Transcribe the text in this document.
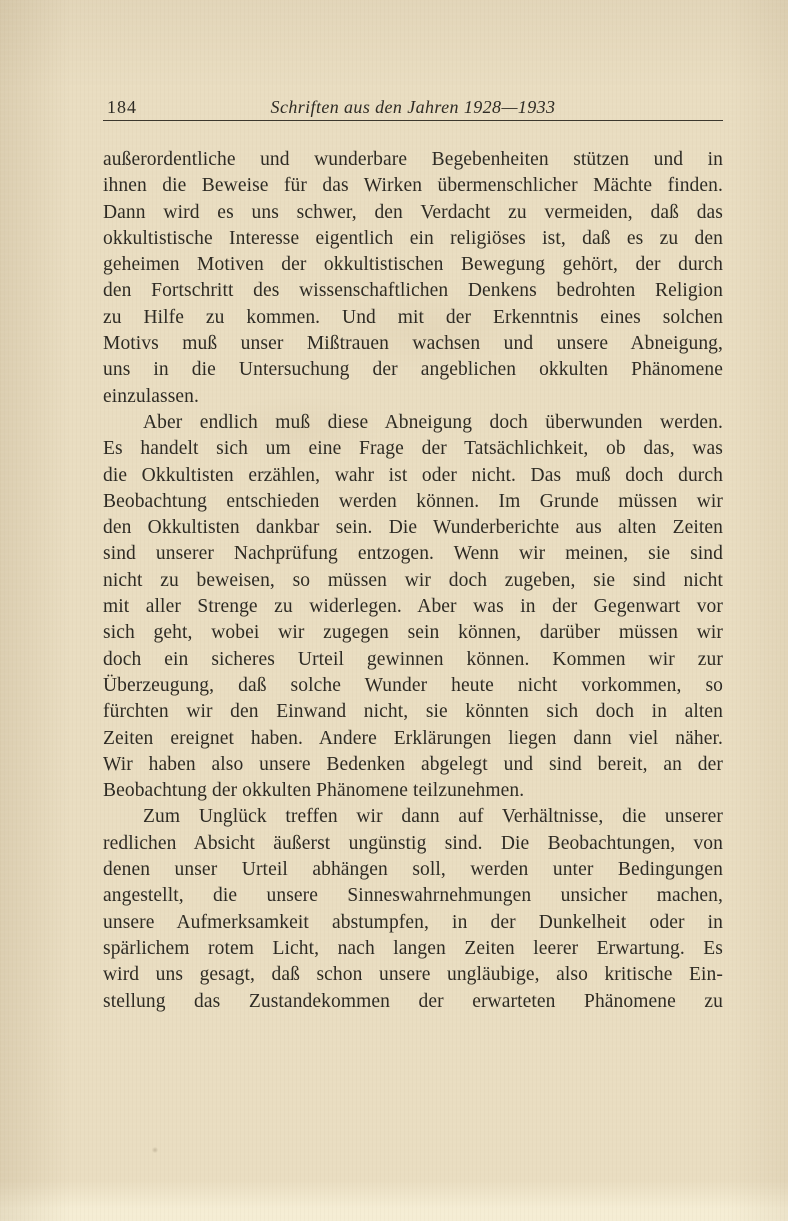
184	Schriften aus den Jahren 1928—1933
außerordentliche und wunderbare Begebenheiten stützen und in
ihnen die Beweise für das Wirken übermenschlicher Mächte finden.
Dann wird es uns schwer, den Verdacht zu vermeiden, daß das
okkultistische Interesse eigentlich ein religiöses ist, daß es zu den
geheimen Motiven der okkultistischen Bewegung gehört, der durch
den Fortschritt des wissenschaftlichen Denkens bedrohten Religion
zu Hilfe zu kommen. Und mit der Erkenntnis eines solchen
Motivs muß unser Mißtrauen wachsen und unsere Abneigung,
uns in die Untersuchung der angeblichen okkulten Phänomene
einzulassen.
Aber endlich muß diese Abneigung doch überwunden werden.
Es handelt sich um eine Frage der Tatsächlichkeit, ob das, was
die Okkultisten erzählen, wahr ist oder nicht. Das muß doch durch
Beobachtung entschieden werden können. Im Grunde müssen wir
den Okkultisten dankbar sein. Die Wunderberichte aus alten Zeiten
sind unserer Nachprüfung entzogen. Wenn wir meinen, sie sind
nicht zu beweisen, so müssen wir doch zugeben, sie sind nicht
mit aller Strenge zu widerlegen. Aber was in der Gegenwart vor
sich geht, wobei wir zugegen sein können, darüber müssen wir
doch ein sicheres Urteil gewinnen können. Kommen wir zur
Überzeugung, daß solche Wunder heute nicht vorkommen, so
fürchten wir den Einwand nicht, sie könnten sich doch in alten
Zeiten ereignet haben. Andere Erklärungen liegen dann viel näher.
Wir haben also unsere Bedenken abgelegt und sind bereit, an der
Beobachtung der okkulten Phänomene teilzunehmen.
Zum Unglück treffen wir dann auf Verhältnisse, die unserer
redlichen Absicht äußerst ungünstig sind. Die Beobachtungen, von
denen unser Urteil abhängen soll, werden unter Bedingungen
angestellt, die unsere Sinneswahrnehmungen unsicher machen,
unsere Aufmerksamkeit abstumpfen, in der Dunkelheit oder in
spärlichem rotem Licht, nach langen Zeiten leerer Erwartung. Es
wird uns gesagt, daß schon unsere ungläubige, also kritische Ein-
stellung das Zustandekommen der erwarteten Phänomene zu
